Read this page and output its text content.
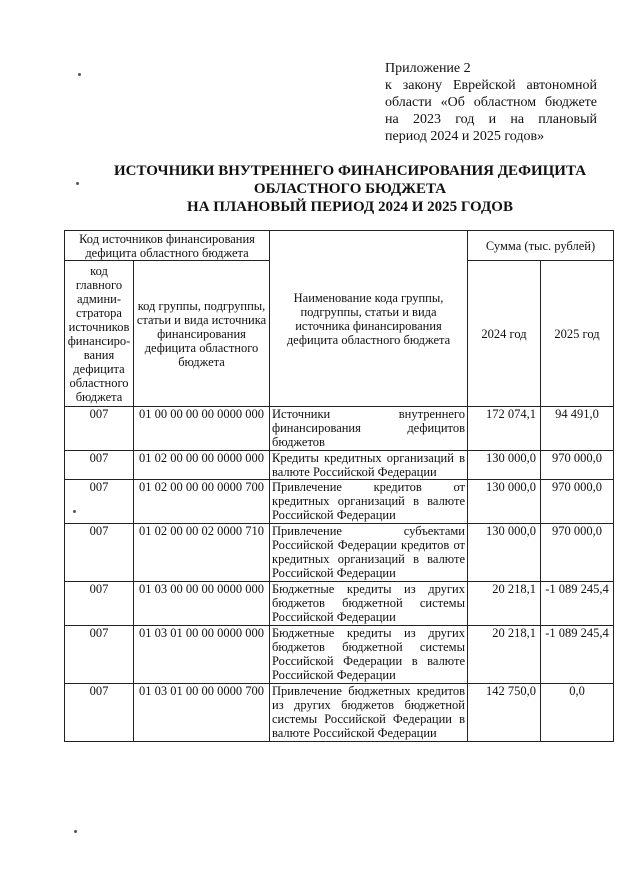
Приложение 2
к закону Еврейской автономной
области «Об областном бюджете
на 2023 год и на плановый
период 2024 и 2025 годов»
ИСТОЧНИКИ ВНУТРЕННЕГО ФИНАНСИРОВАНИЯ ДЕФИЦИТА
ОБЛАСТНОГО БЮДЖЕТА
НА ПЛАНОВЫЙ ПЕРИОД 2024 И 2025 ГОДОВ
Код источников финансирования дефицита областного бюджета		Наименование кода группы, подгруппы, статьи и вида источника финансирования дефицита областного бюджета	Сумма (тыс. рублей)	
код главного админи-стратора источников финансиро-вания дефицита областного бюджета	код группы, подгруппы, статьи и вида источника финансирования дефицита областного бюджета		2024 год	2025 год
007	01 00 00 00 00 0000 000	Источники внутреннего финансирования дефицитов бюджетов	172 074,1	94 491,0
007	01 02 00 00 00 0000 000	Кредиты кредитных организаций в валюте Российской Федерации	130 000,0	970 000,0
007	01 02 00 00 00 0000 700	Привлечение кредитов от кредитных организаций в валюте Российской Федерации	130 000,0	970 000,0
007	01 02 00 00 02 0000 710	Привлечение субъектами Российской Федерации кредитов от кредитных организаций в валюте Российской Федерации	130 000,0	970 000,0
007	01 03 00 00 00 0000 000	Бюджетные кредиты из других бюджетов бюджетной системы Российской Федерации	20 218,1	-1 089 245,4
007	01 03 01 00 00 0000 000	Бюджетные кредиты из других бюджетов бюджетной системы Российской Федерации в валюте Российской Федерации	20 218,1	-1 089 245,4
007	01 03 01 00 00 0000 700	Привлечение бюджетных кредитов из других бюджетов бюджетной системы Российской Федерации в валюте Российской Федерации	142 750,0	0,0
